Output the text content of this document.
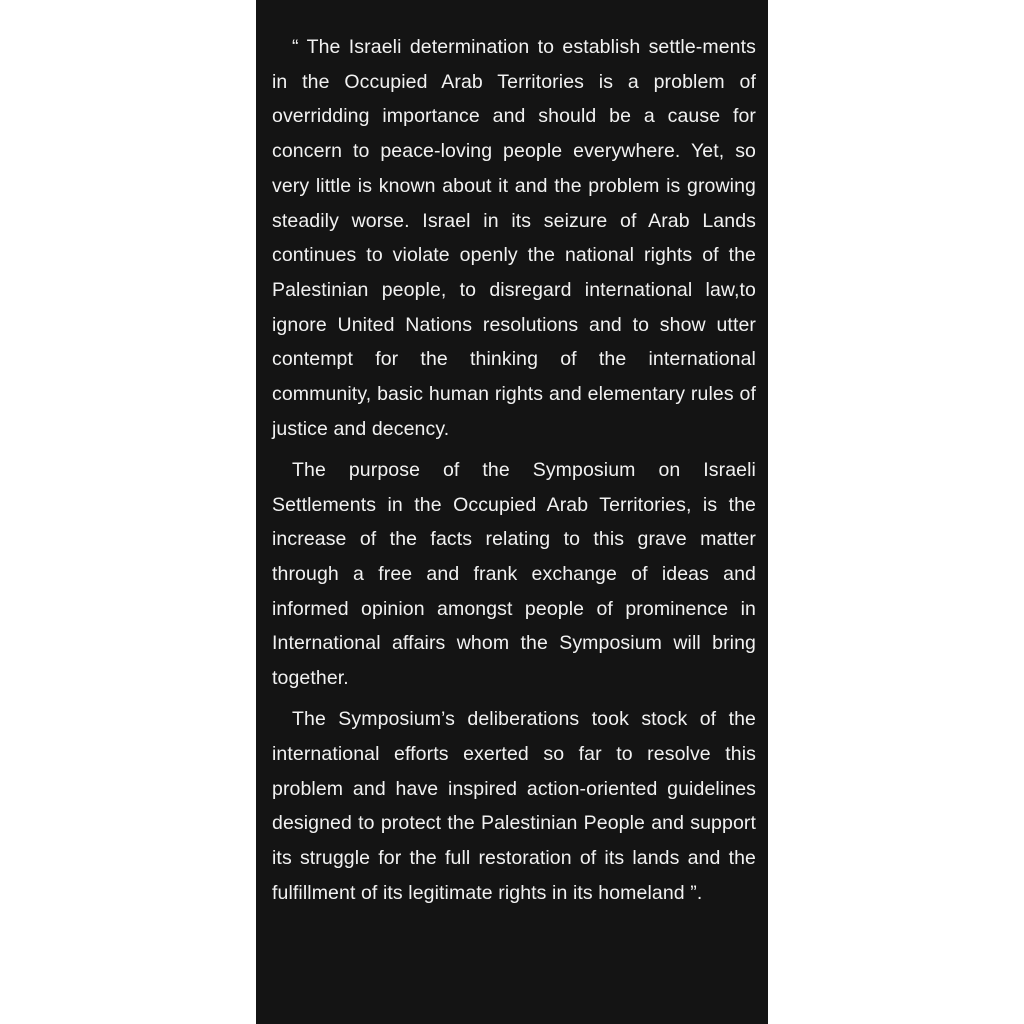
“ The Israeli determination to establish settle-ments in the Occupied Arab Territories is a problem of overridding importance and should be a cause for concern to peace-loving people everywhere. Yet, so very little is known about it and the problem is growing steadily worse. Israel in its seizure of Arab Lands continues to violate openly the national rights of the Palestinian people, to disregard international law,to ignore United Nations resolutions and to show utter contempt for the thinking of the international community, basic human rights and elementary rules of justice and decency.

The purpose of the Symposium on Israeli Settlements in the Occupied Arab Territories, is the increase of the facts relating to this grave matter through a free and frank exchange of ideas and informed opinion amongst people of prominence in International affairs whom the Symposium will bring together.

The Symposium’s deliberations took stock of the international efforts exerted so far to resolve this problem and have inspired action-oriented guidelines designed to protect the Palestinian People and support its struggle for the full restoration of its lands and the fulfillment of its legitimate rights in its homeland ”.
